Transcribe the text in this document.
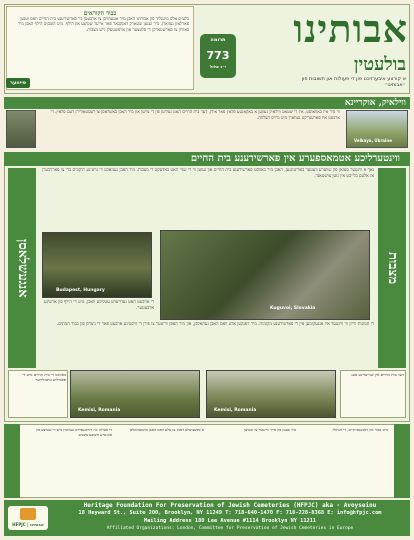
כבוד הקוראים
בלע״ס אלס מיטגליד פון אבותינו האבן מיר אנגעהויבן צו ארבעטן ביי פארשידענע בית החיים וואס זענען פארלאזן געווארן. מיר זענען שטארק דאנקבאר פאר אייער שטיצע און הילף. מיט השם׳ס הילף האבן מיר באוויזן צו פארשטארקן די פלעצער און אויפשטעלן נייע מצבות.
פייווער
תרומה
773
י״ג אלול
אבותינו
בולעטין
א קורצע איבערזיכט פון די פעולות און תשובות פון ״אבותינו״
ווילאיק, אוקריינא
ווי מיר איז באוואוסט, איז די שטאט ווילאיק געווען א באקאנטע פלאץ פאר אידן. דער בית החיים האט געליטן פון די צייטן און מיר האבן באשלאסן צו רעסטאורירן דעם פלאץ. די ארבעט איז פארענדיקט געווארן מיט גרויס הצלחה.
Velkaya, Ukraine
ווינטערליכע אטמאספערע אין פארשידענע בית החיים
אנגעשלאסן	מצבות
נאך א ווינטער סעזאן פון שווערע וועטער באדינגונגען, האבן מיר באזוכט פארשידענע בית החיים און געזען ווי די שניי האט באדעקט די מצבות. מיר האבן געמאכט די נויטיגע תיקונים כדי צו פארזיכערן אז אלעס בלייבט אין גוטן צושטאנד.
Budapest, Hungary
Kuguvoi, Slovakia
די ארבעט האט געדויערט עטליכע וואכן, מיט די הילף פון ארטיגע ארבעטער.
די תמונות ווייזן ווי ווינטער איז אנגעקומען אין די פארשידענע מקומות. מיר דאנקען אלע וואס האבן געהאלפן, און מיר האפן ווייטער צו פירן די וויכטיגע ארבעט פאר די ניצחון פון כבוד המתים.
באזוכט די בית החיים מיט די פאמיליע מיטגלידער
Kemisi, Romania	Kemisi, Romania
דער בית החיים אין שנייעדיגע טעג
די פעולה איז דורכגעפירט געווארן מיט די שטיצע פון אונזערע חשובע נדבנים
א ספעציעלע דאנק צו אלע וואס האבן מיטגעהאלפן	מיר בעטן פון אייך ווייטער צו שטיצן	מיט כבוד און דאנקבארקייט, די הנהלה
HFPJC | אבותינו
Heritage Foundation For Preservation of Jewish Cemeteries (HFPJC) aka - Avoyseinu
18 Heyward St., Suite 200, Brooklyn, NY 11249 T: 718-640-1470 F: 718-228-8368 E: info@hfpjc.com
Mailing Address 180 Lee Avenue #1114 Brooklyn NY 11211
Affiliated Organizations: London, Committee for Preservation of Jewish Cemeteries in Europe
